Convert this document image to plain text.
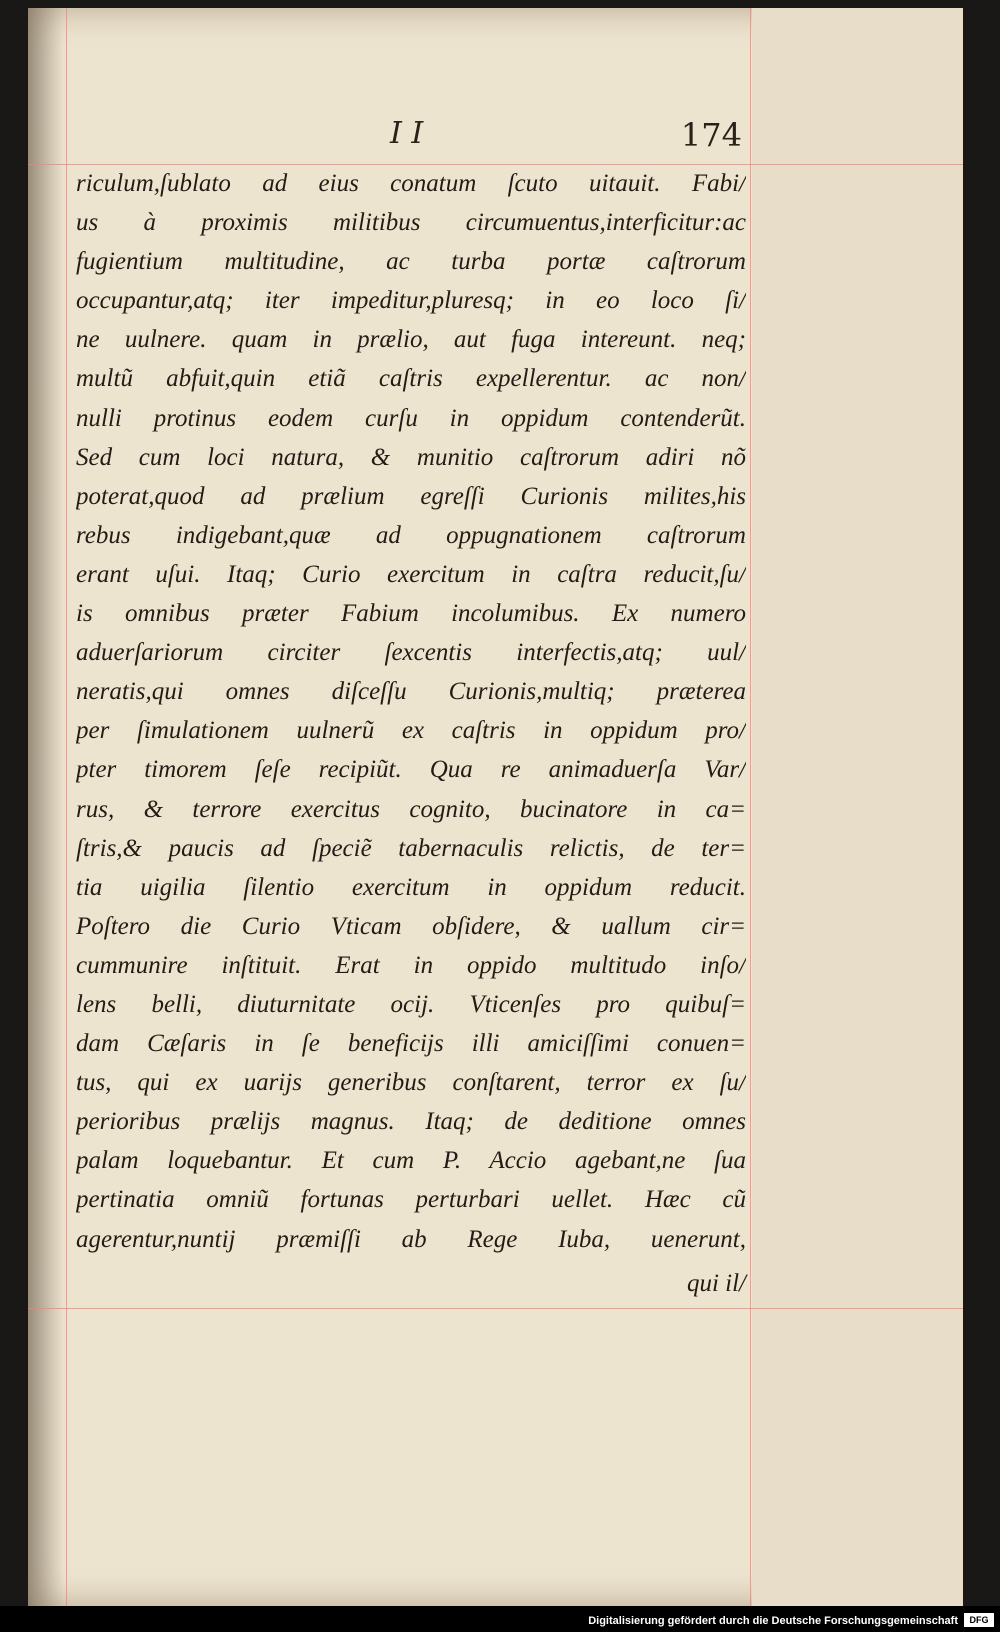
I I	174
riculum,ſublato ad eius conatum ſcuto uitauit. Fabi/
us à proximis militibus circumuentus,interficitur:ac
fugientium multitudine, ac turba portæ caſtrorum
occupantur,atq; iter impeditur,pluresq; in eo loco ſi/
ne uulnere. quam in prælio, aut fuga intereunt. neq;
multũ abfuit,quin etiã caſtris expellerentur. ac non/
nulli protinus eodem curſu in oppidum contenderũt.
Sed cum loci natura, & munitio caſtrorum adiri nõ
poterat,quod ad prælium egreſſi Curionis milites,his
rebus indigebant,quæ ad oppugnationem caſtrorum
erant uſui. Itaq; Curio exercitum in caſtra reducit,ſu/
is omnibus præter Fabium incolumibus. Ex numero
aduerſariorum circiter ſexcentis interfectis,atq; uul/
neratis,qui omnes diſceſſu Curionis,multiq; præterea
per ſimulationem uulnerũ ex caſtris in oppidum pro/
pter timorem ſeſe recipiũt. Qua re animaduerſa Var/
rus, & terrore exercitus cognito, bucinatore in ca=
ſtris,& paucis ad ſpeciẽ tabernaculis relictis, de ter=
tia uigilia ſilentio exercitum in oppidum reducit.
Poſtero die Curio Vticam obſidere, & uallum cir=
cummunire inſtituit. Erat in oppido multitudo inſo/
lens belli, diuturnitate ocij. Vticenſes pro quibuſ=
dam Cæſaris in ſe beneficijs illi amiciſſimi conuen=
tus, qui ex uarijs generibus conſtarent, terror ex ſu/
perioribus prælijs magnus. Itaq; de deditione omnes
palam loquebantur. Et cum P. Accio agebant,ne ſua
pertinatia omniũ fortunas perturbari uellet. Hæc cũ
agerentur,nuntij præmiſſi ab Rege Iuba, uenerunt,
qui il/
Digitalisierung gefördert durch die Deutsche Forschungsgemeinschaft	DFG
